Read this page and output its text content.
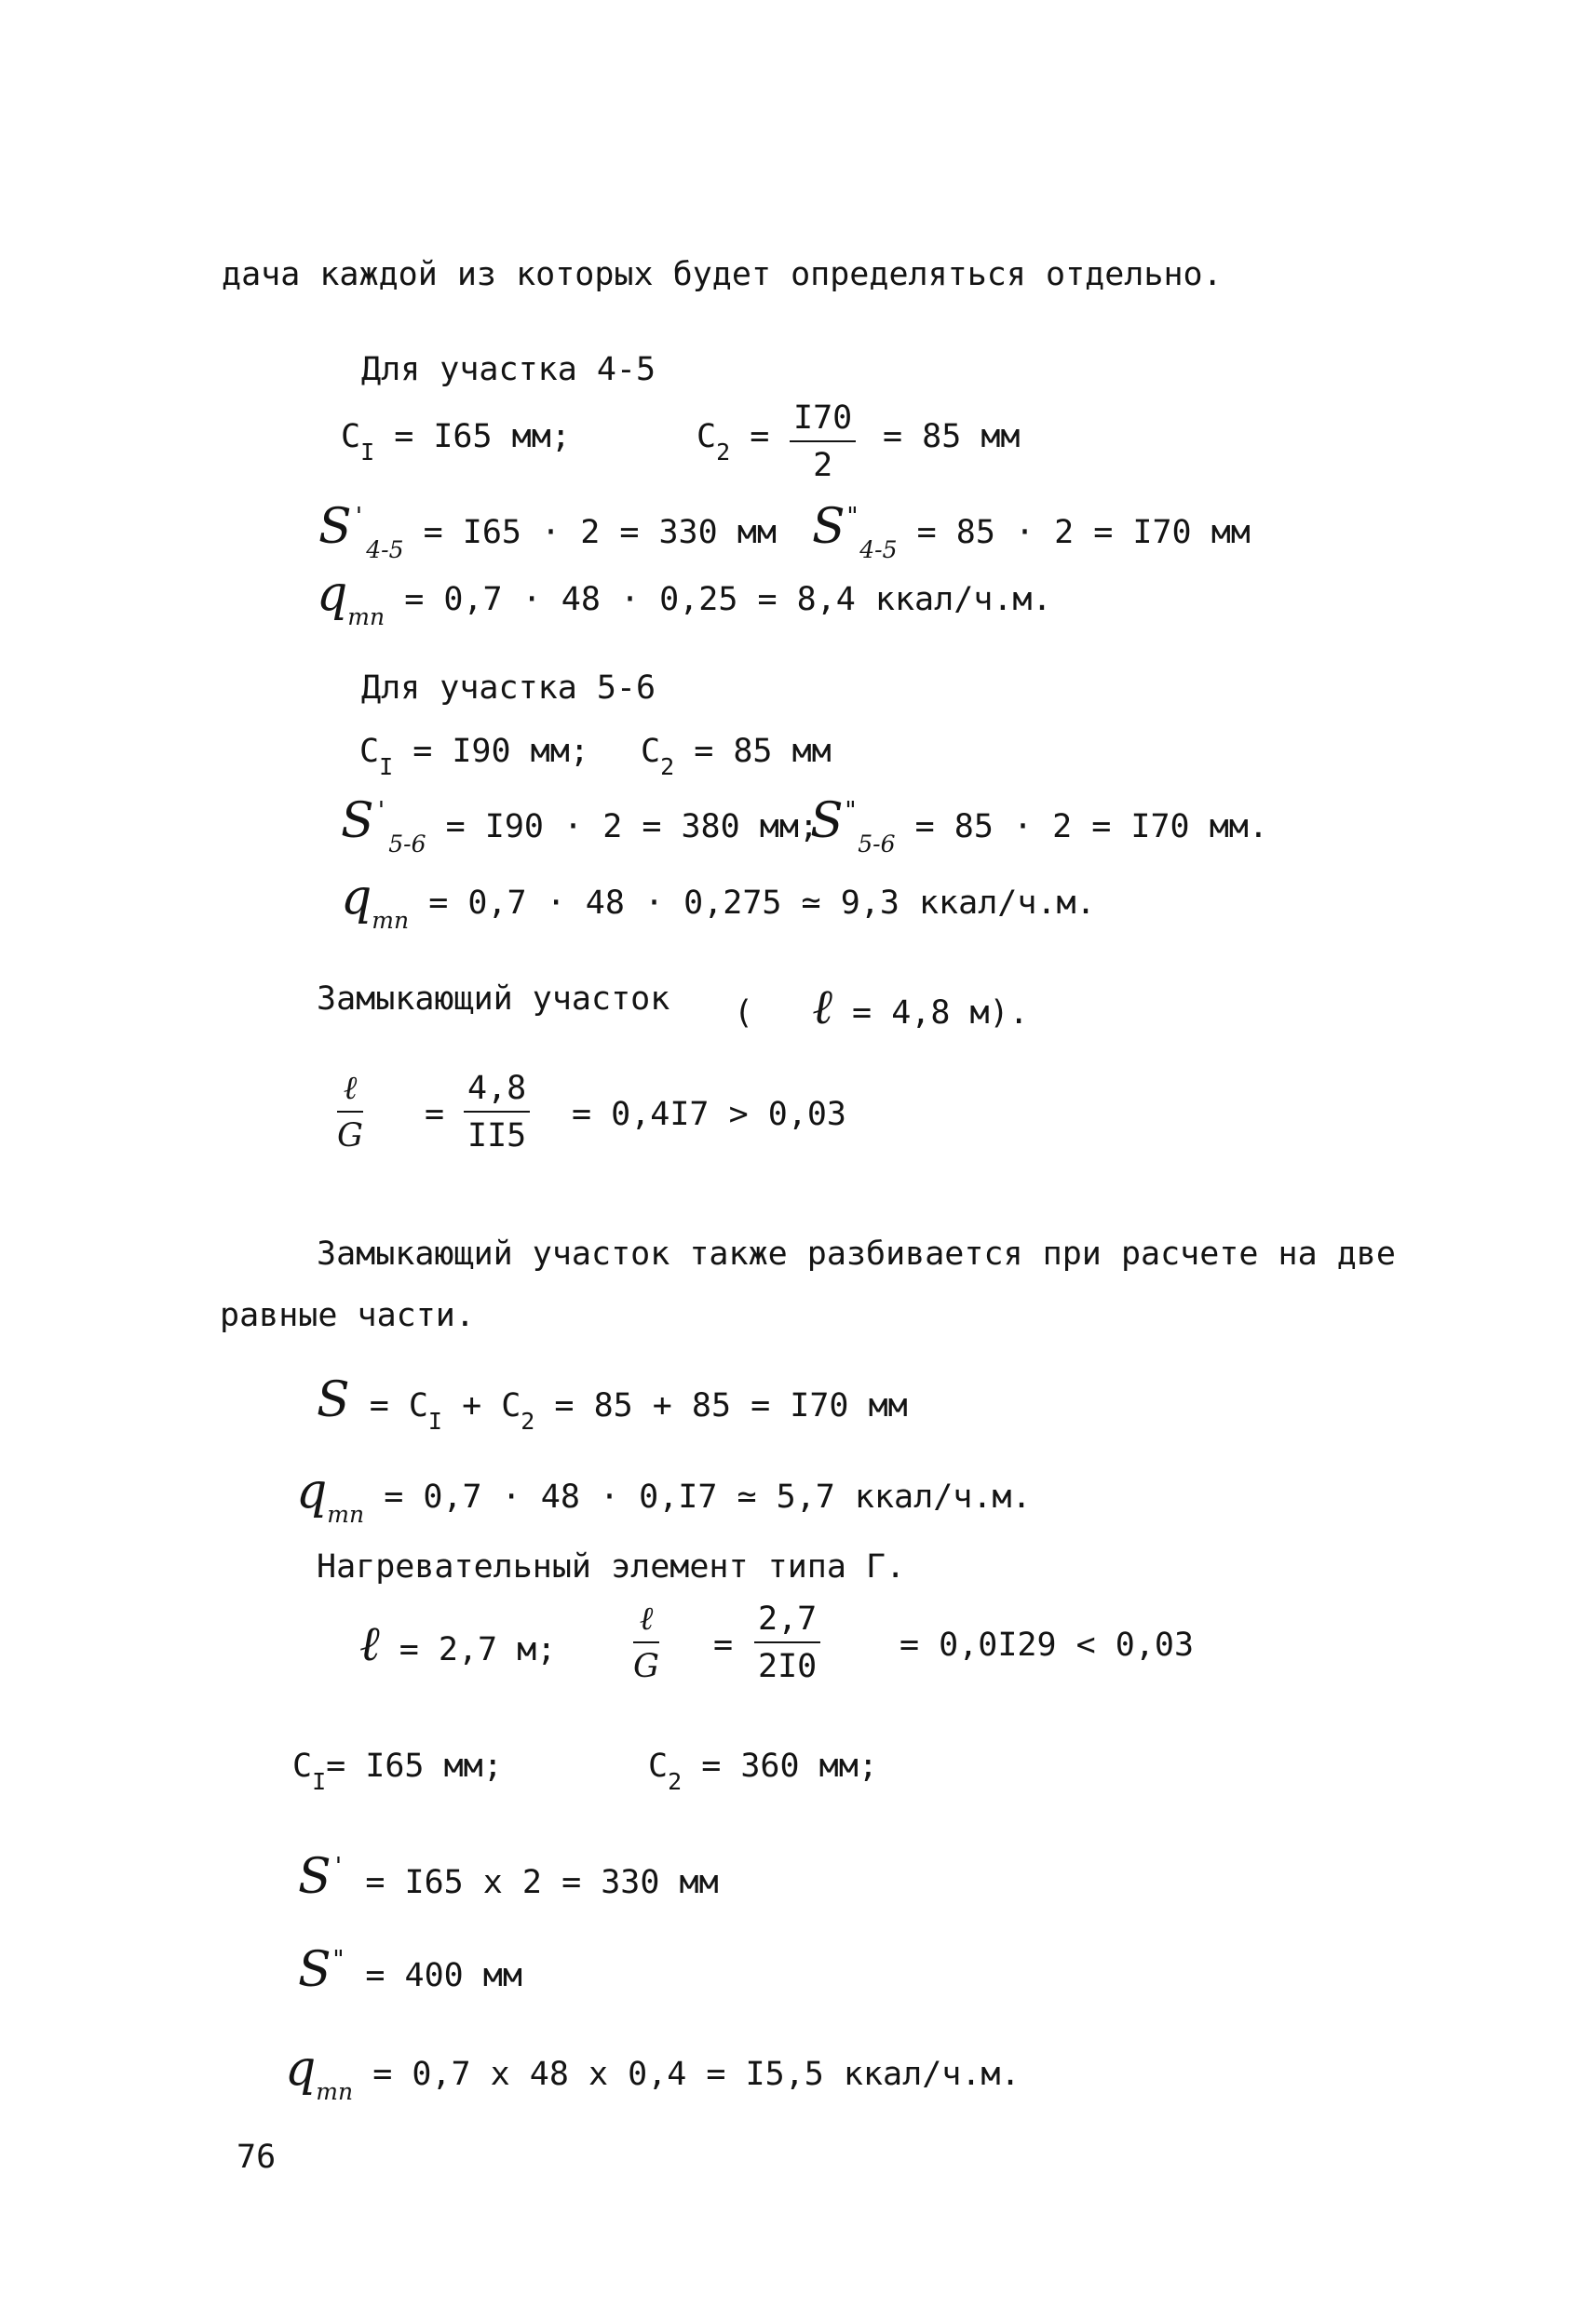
дача каждой из которых будет определяться отдельно.
Для участка 4-5
$C_I = I65$ мм;	$C_2 = \frac{I70}{2} = 85$ мм
$S'_{4-5} = I65 \cdot 2 = 330$ мм $S^"_{4-5} = 85 \cdot 2 = I70$ мм
$q_{тп} = 0,7 \cdot 48 \cdot 0,25 = 8,4$ ккал/ч.м.
Для участка 5-6
$C_I = I90$ мм; $C_2 = 85$ мм
$S'_{5-6} = I90 \cdot 2 = 380$ мм;
$S^"_{5-6} = 85 \cdot 2 = I70$ мм.
$q_{тп} = 0,7 \cdot 48 \cdot 0,275$ ≃ 9,3 ккал/ч.м.
Замыкающий участок ( ℓ = 4,8 м).
ℓ
G
= $\frac{4,8}{II5} = 0,4I7 > 0,03$
Замыкающий участок также разбивается при расчете на две
равные части.
$S = C_I + C_2 = 85 + 85 = I70$ мм
$q_{тп} = 0,7 \cdot 48 \cdot 0,I7$ ≃ 5,7 ккал/ч.м.
Нагревательный элемент типа Г.
ℓ = 2,7 м;
ℓ
G
= $\frac{2,7}{2I0} = 0,0I29 < 0,03$
$C_I= I65$ мм;	$C_2 = 360$ мм;
S' = I65 x 2 = 330 мм
S" = 400 мм
$q_{тп} = 0,7$ x 48 x 0,4 = I5,5 ккал/ч.м.
76
